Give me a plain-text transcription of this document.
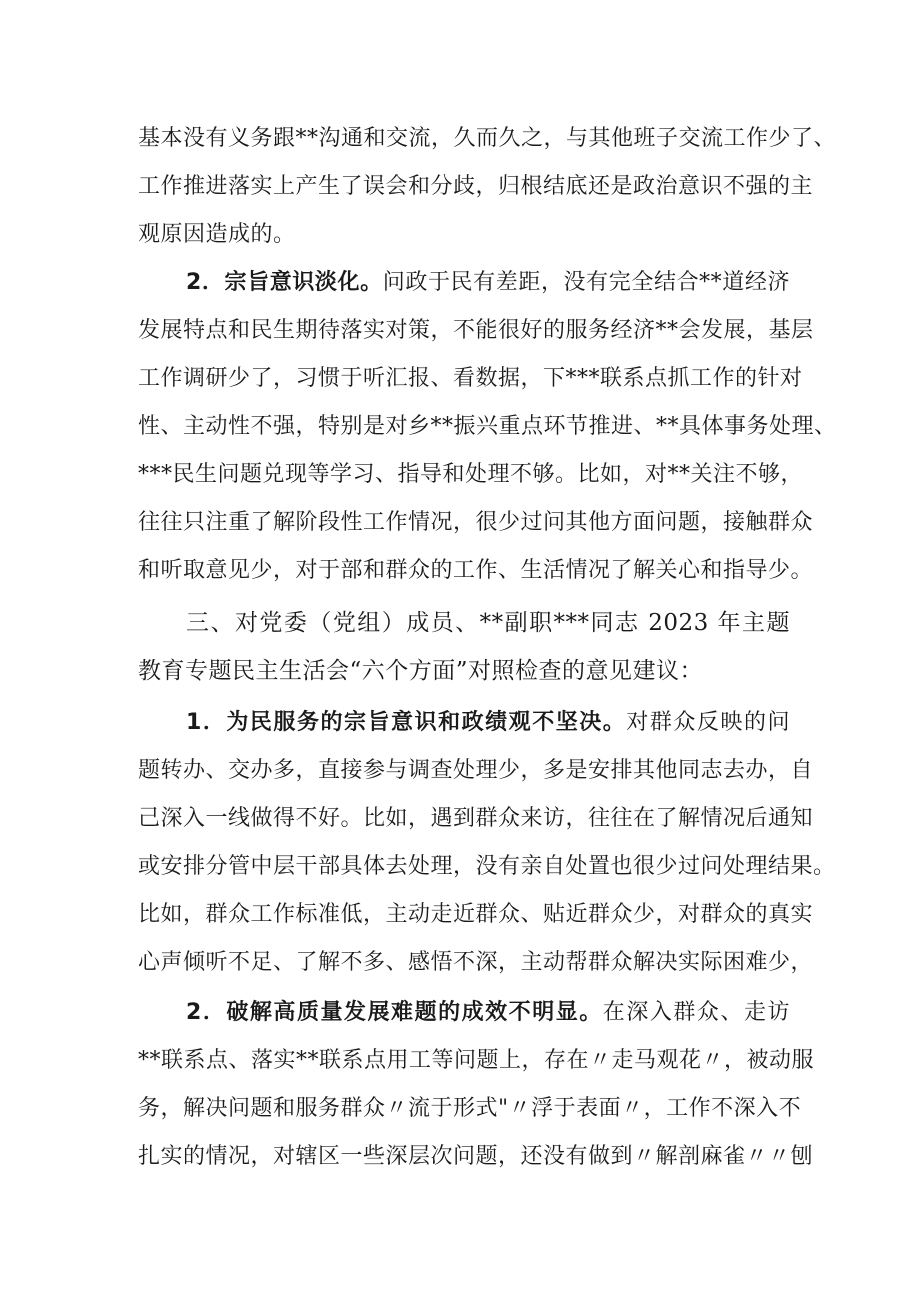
基本没有义务跟**沟通和交流，久而久之，与其他班子交流工作少了、
工作推进落实上产生了误会和分歧，归根结底还是政治意识不强的主
观原因造成的。
2．宗旨意识淡化。问政于民有差距，没有完全结合**道经济
发展特点和民生期待落实对策，不能很好的服务经济**会发展，基层
工作调研少了，习惯于听汇报、看数据，下***联系点抓工作的针对
性、主动性不强，特别是对乡**振兴重点环节推进、**具体事务处理、
***民生问题兑现等学习、指导和处理不够。比如，对**关注不够，
往往只注重了解阶段性工作情况，很少过问其他方面问题，接触群众
和听取意见少，对于部和群众的工作、生活情况了解关心和指导少。
三、对党委（党组）成员、**副职***同志 2023 年主题
教育专题民主生活会“六个方面”对照检查的意见建议：
1．为民服务的宗旨意识和政绩观不坚决。对群众反映的问
题转办、交办多，直接参与调查处理少，多是安排其他同志去办，自
己深入一线做得不好。比如，遇到群众来访，往往在了解情况后通知
或安排分管中层干部具体去处理，没有亲自处置也很少过问处理结果。
比如，群众工作标准低，主动走近群众、贴近群众少，对群众的真实
心声倾听不足、了解不多、感悟不深，主动帮群众解决实际困难少，
2．破解高质量发展难题的成效不明显。在深入群众、走访
**联系点、落实**联系点用工等问题上，存在〃走马观花〃，被动服
务，解决问题和服务群众〃流于形式"〃浮于表面〃，工作不深入不
扎实的情况，对辖区一些深层次问题，还没有做到〃解剖麻雀〃〃刨
